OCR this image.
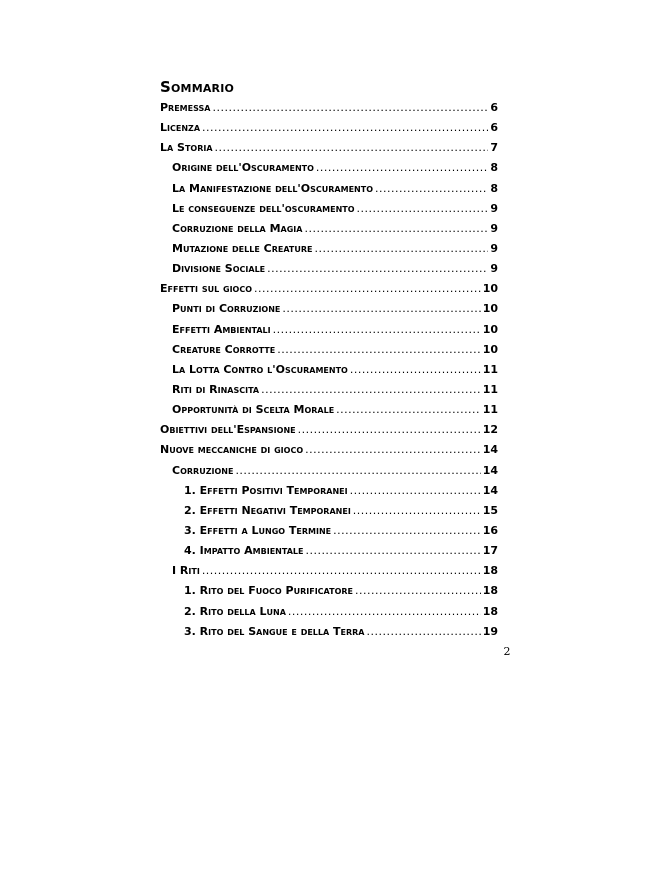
Sommario
Premessa .....	6
Licenza .....	6
La Storia .....	7
Origine dell'Oscuramento .....	8
La Manifestazione dell'Oscuramento .....	8
Le conseguenze dell'oscuramento .....	9
Corruzione della Magia .....	9
Mutazione delle Creature .....	9
Divisione Sociale .....	9
Effetti sul gioco .....	10
Punti di Corruzione .....	10
Effetti Ambientali .....	10
Creature Corrotte .....	10
La Lotta Contro l'Oscuramento .....	11
Riti di Rinascita .....	11
Opportunità di Scelta Morale .....	11
Obiettivi dell'Espansione .....	12
Nuove meccaniche di gioco .....	14
Corruzione .....	14
1. Effetti Positivi Temporanei .....	14
2. Effetti Negativi Temporanei .....	15
3. Effetti a Lungo Termine .....	16
4. Impatto Ambientale .....	17
I Riti .....	18
1. Rito del Fuoco Purificatore .....	18
2. Rito della Luna .....	18
3. Rito del Sangue e della Terra .....	19
2
